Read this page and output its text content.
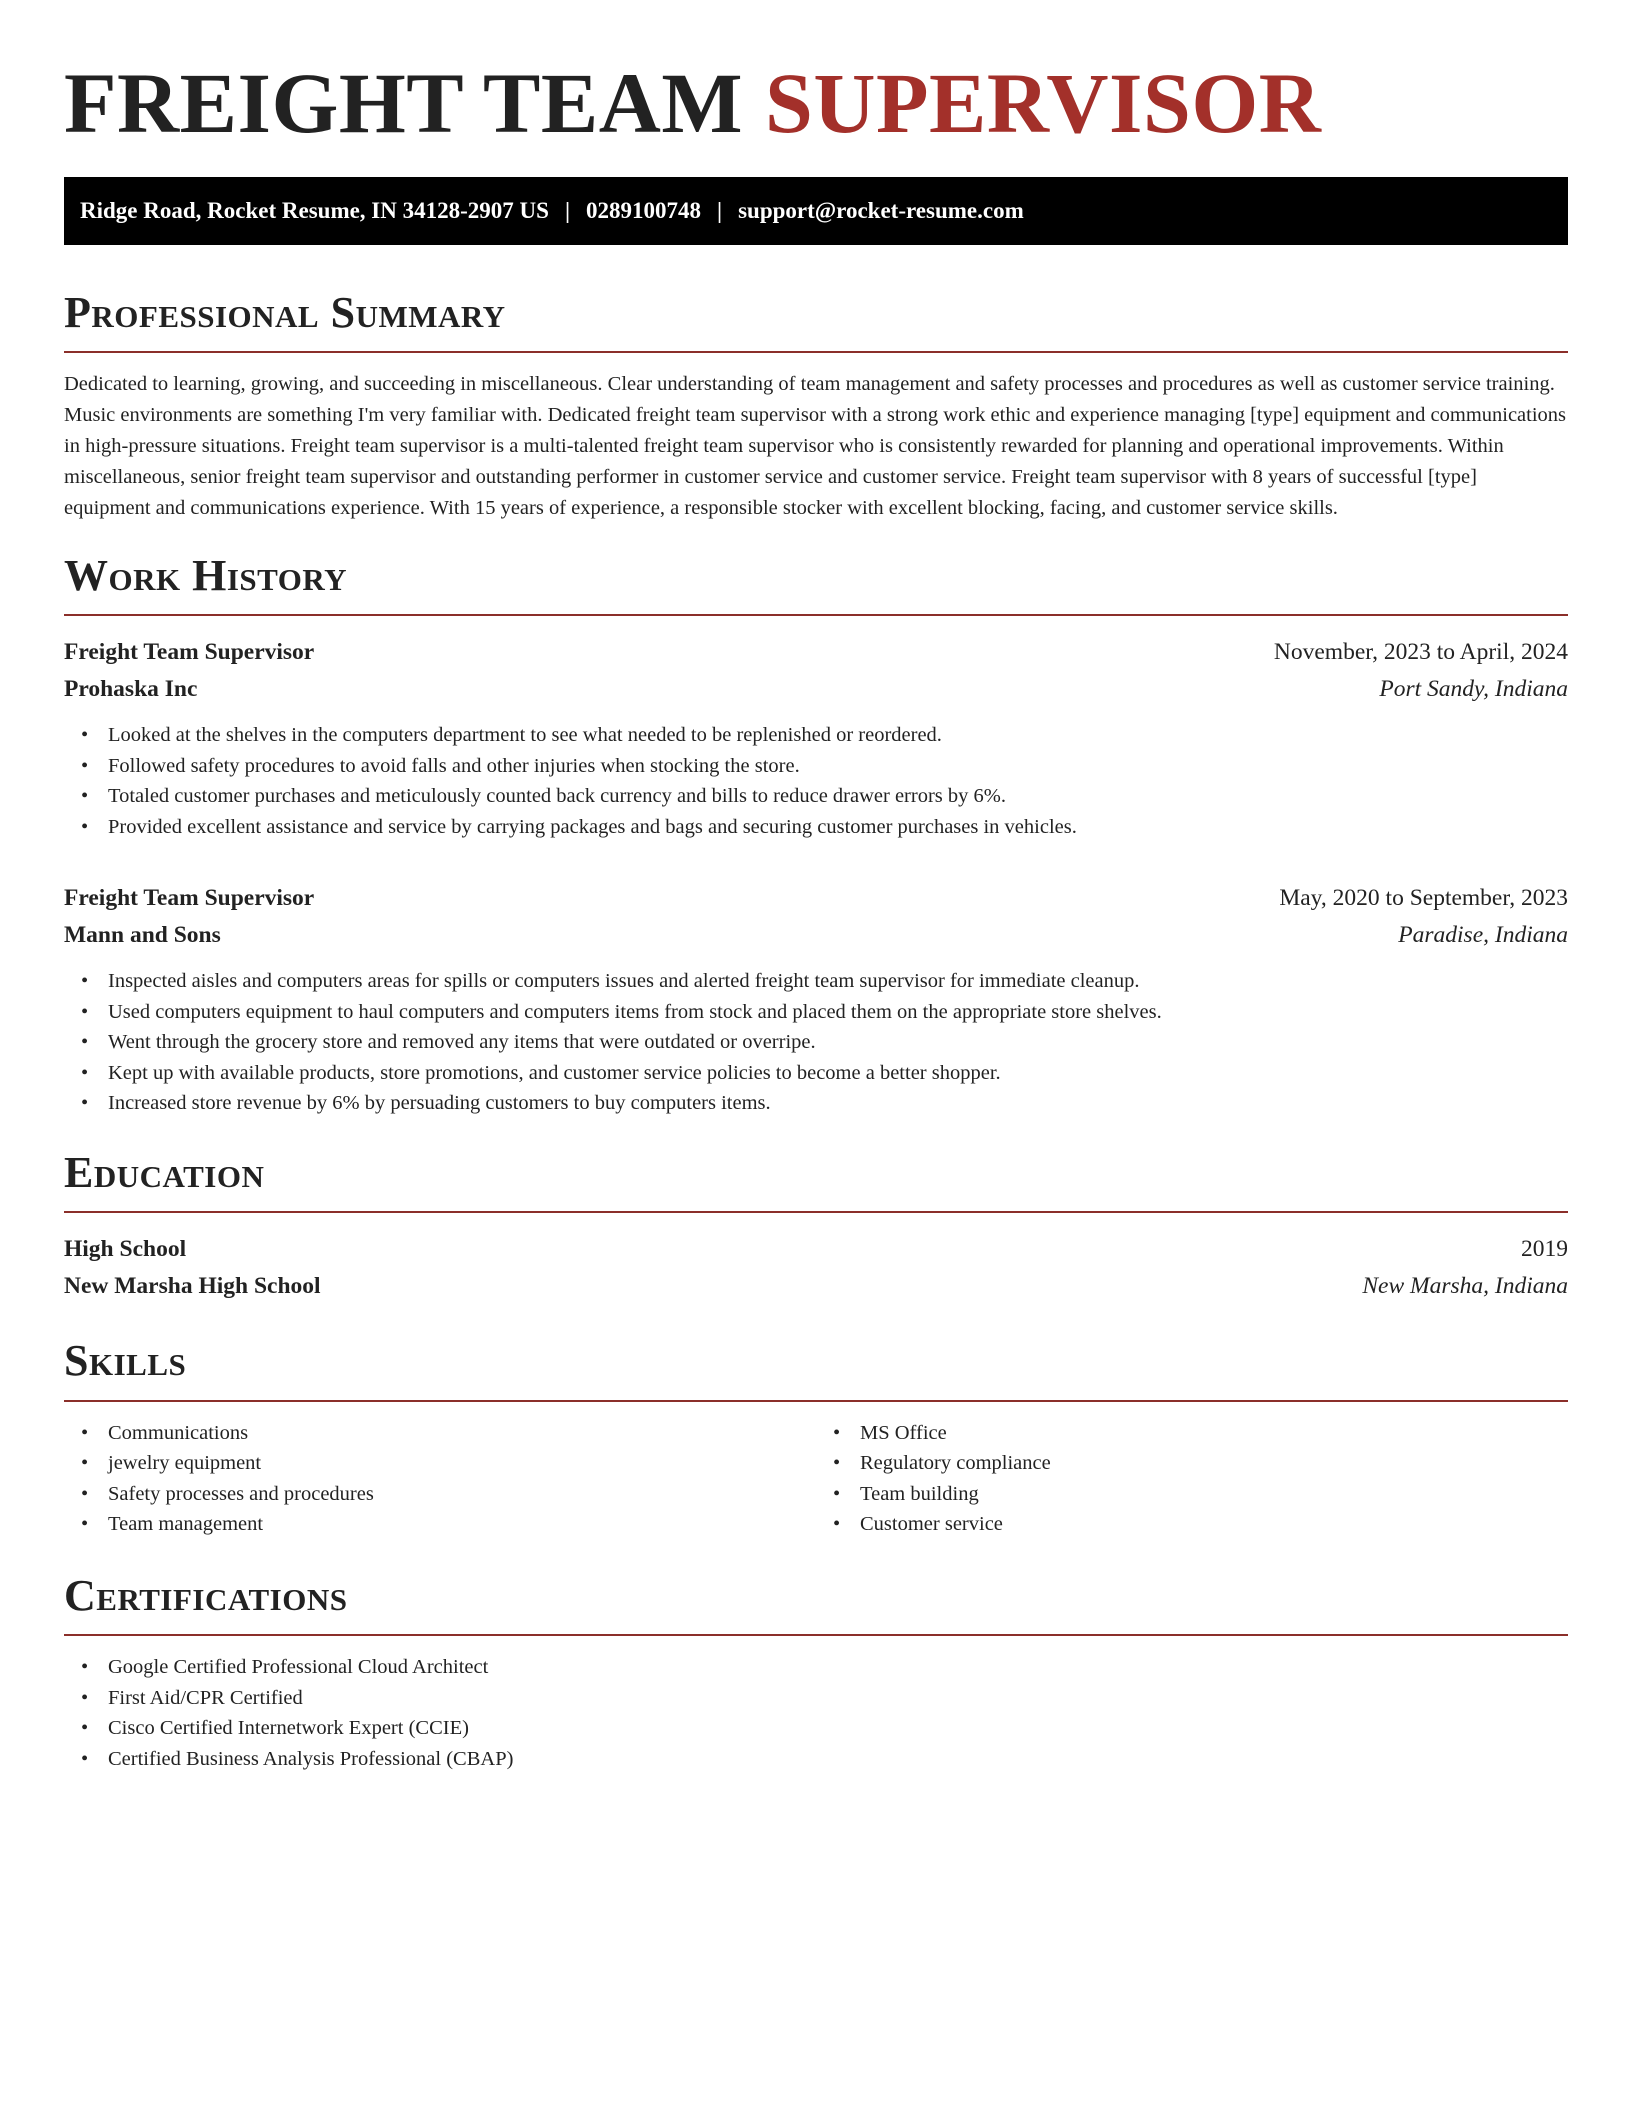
FREIGHT TEAM SUPERVISOR
Ridge Road, Rocket Resume, IN 34128-2907 US | 0289100748 | support@rocket-resume.com
Professional Summary

Dedicated to learning, growing, and succeeding in miscellaneous. Clear understanding of team management and safety processes and procedures as well as customer service training. Music environments are something I'm very familiar with. Dedicated freight team supervisor with a strong work ethic and experience managing [type] equipment and communications in high-pressure situations. Freight team supervisor is a multi-talented freight team supervisor who is consistently rewarded for planning and operational improvements. Within miscellaneous, senior freight team supervisor and outstanding performer in customer service and customer service. Freight team supervisor with 8 years of successful [type] equipment and communications experience. With 15 years of experience, a responsible stocker with excellent blocking, facing, and customer service skills.

Work History
Freight Team Supervisor	November, 2023 to April, 2024
Prohaska Inc	Port Sandy, Indiana
• Looked at the shelves in the computers department to see what needed to be replenished or reordered.
• Followed safety procedures to avoid falls and other injuries when stocking the store.
• Totaled customer purchases and meticulously counted back currency and bills to reduce drawer errors by 6%.
• Provided excellent assistance and service by carrying packages and bags and securing customer purchases in vehicles.
Freight Team Supervisor	May, 2020 to September, 2023
Mann and Sons	Paradise, Indiana
• Inspected aisles and computers areas for spills or computers issues and alerted freight team supervisor for immediate cleanup.
• Used computers equipment to haul computers and computers items from stock and placed them on the appropriate store shelves.
• Went through the grocery store and removed any items that were outdated or overripe.
• Kept up with available products, store promotions, and customer service policies to become a better shopper.
• Increased store revenue by 6% by persuading customers to buy computers items.
Education
High School	2019
New Marsha High School	New Marsha, Indiana
Skills
• Communications
• jewelry equipment
• Safety processes and procedures
• Team management
• MS Office
• Regulatory compliance
• Team building
• Customer service
Certifications
• Google Certified Professional Cloud Architect
• First Aid/CPR Certified
• Cisco Certified Internetwork Expert (CCIE)
• Certified Business Analysis Professional (CBAP)
